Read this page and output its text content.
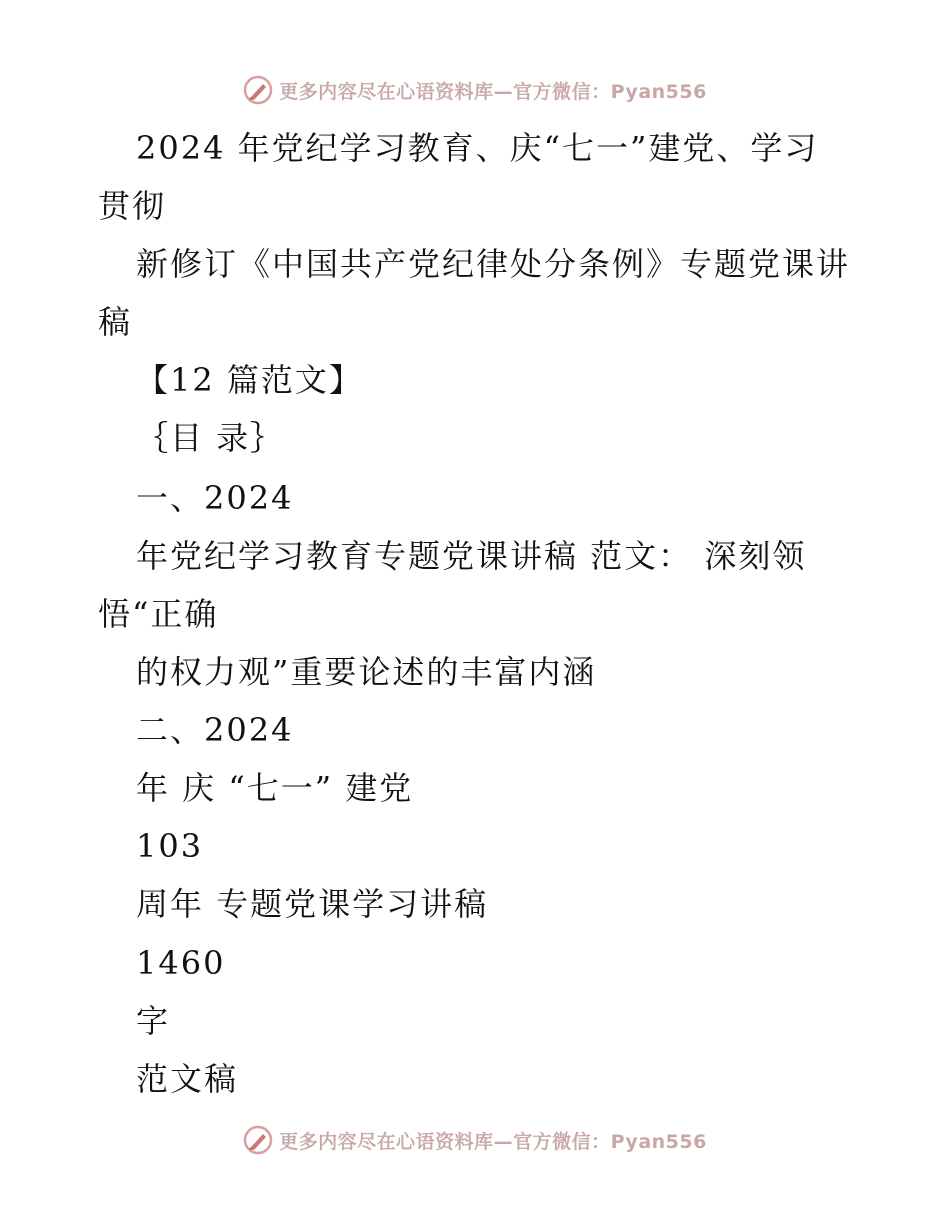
更多内容尽在心语资料库—官方微信：Pyan556
2024 年党纪学习教育、庆“七一”建党、学习
贯彻
新修订《中国共产党纪律处分条例》专题党课讲
稿
【12 篇范文】
｛目 录｝
一、2024
年党纪学习教育专题党课讲稿 范文： 深刻领
悟“正确
的权力观”重要论述的丰富内涵
二、2024
年 庆 “七一” 建党
103
周年 专题党课学习讲稿
1460
字
范文稿
更多内容尽在心语资料库—官方微信：Pyan556
